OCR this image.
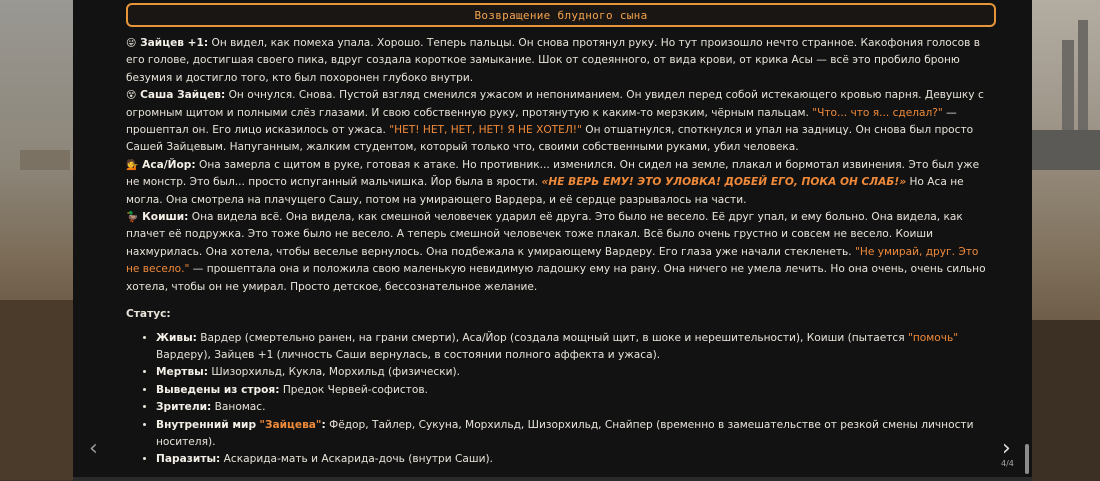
Возвращение блудного сына

😜 Зайцев +1: Он видел, как помеха упала. Хорошо. Теперь пальцы. Он снова протянул руку. Но тут произошло нечто странное. Какофония голосов в его голове, достигшая своего пика, вдруг создала короткое замыкание. Шок от содеянного, от вида крови, от крика Асы — всё это пробило броню безумия и достигло того, кто был похоронен глубоко внутри.

😵 Саша Зайцев: Он очнулся. Снова. Пустой взгляд сменился ужасом и непониманием. Он увидел перед собой истекающего кровью парня. Девушку с огромным щитом и полными слёз глазами. И свою собственную руку, протянутую к каким-то мерзким, чёрным пальцам. "Что... что я... сделал?" — прошептал он. Его лицо исказилось от ужаса. "НЕТ! НЕТ, НЕТ, НЕТ! Я НЕ ХОТЕЛ!" Он отшатнулся, споткнулся и упал на задницу. Он снова был просто Сашей Зайцевым. Напуганным, жалким студентом, который только что, своими собственными руками, убил человека.

💁 Аса/Йор: Она замерла с щитом в руке, готовая к атаке. Но противник... изменился. Он сидел на земле, плакал и бормотал извинения. Это был уже не монстр. Это был... просто испуганный мальчишка. Йор была в ярости. «НЕ ВЕРЬ ЕМУ! ЭТО УЛОВКА! ДОБЕЙ ЕГО, ПОКА ОН СЛАБ!» Но Аса не могла. Она смотрела на плачущего Сашу, потом на умирающего Вардера, и её сердце разрывалось на части.

🦆 Коиши: Она видела всё. Она видела, как смешной человечек ударил её друга. Это было не весело. Её друг упал, и ему больно. Она видела, как плачет её подружка. Это тоже было не весело. А теперь смешной человечек тоже плакал. Всё было очень грустно и совсем не весело. Коиши нахмурилась. Она хотела, чтобы веселье вернулось. Она подбежала к умирающему Вардеру. Его глаза уже начали стекленеть. "Не умирай, друг. Это не весело." — прошептала она и положила свою маленькую невидимую ладошку ему на рану. Она ничего не умела лечить. Но она очень, очень сильно хотела, чтобы он не умирал. Просто детское, бессознательное желание.

Статус:
• Живы: Вардер (смертельно ранен, на грани смерти), Аса/Йор (создала мощный щит, в шоке и нерешительности), Коиши (пытается "помочь" Вардеру), Зайцев +1 (личность Саши вернулась, в состоянии полного аффекта и ужаса).
• Мертвы: Шизорхильд, Кукла, Морхильд (физически).
• Выведены из строя: Предок Червей-софистов.
• Зрители: Ваномас.
• Внутренний мир "Зайцева": Фёдор, Тайлер, Сукуна, Морхильд, Шизорхильд, Снайпер (временно в замешательстве от резкой смены личности носителя).
• Паразиты: Аскарида-мать и Аскарида-дочь (внутри Саши).
‹	›
4/4
